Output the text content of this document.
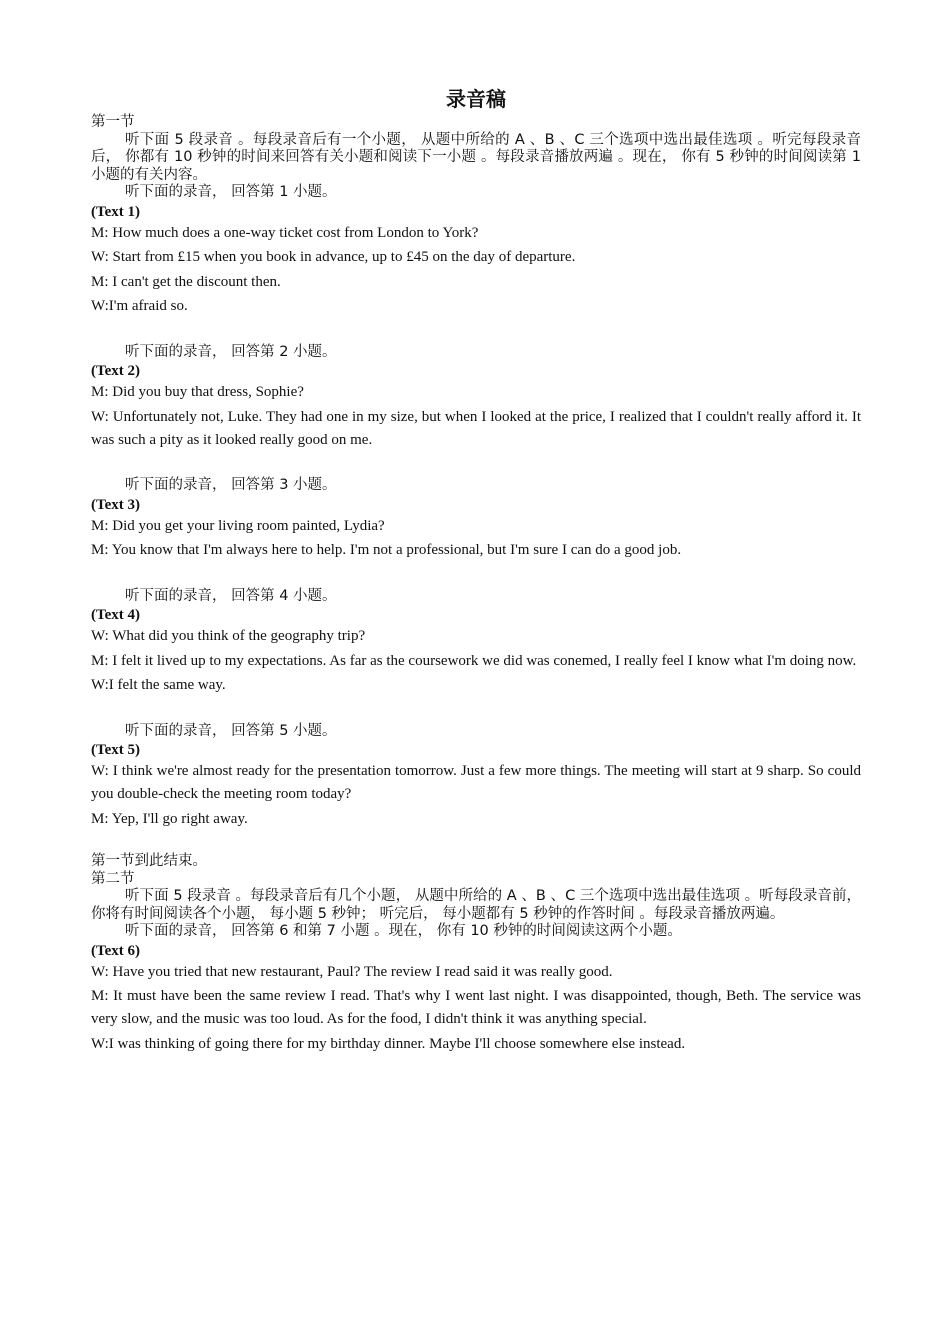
录音稿

第一节

听下面 5 段录音 。每段录音后有一个小题， 从题中所给的 A 、B 、C 三个选项中选出最佳选项 。听完每段录音后， 你都有 10 秒钟的时间来回答有关小题和阅读下一小题 。每段录音播放两遍 。现在， 你有 5 秒钟的时间阅读第 1 小题的有关内容。

听下面的录音， 回答第 1 小题。

(Text 1)

M: How much does a one-way ticket cost from London to York?

W: Start from £15 when you book in advance, up to £45 on the day of departure.

M: I can't get the discount then.

W:I'm afraid so.

听下面的录音， 回答第 2 小题。

(Text 2)

M: Did you buy that dress, Sophie?

W: Unfortunately not, Luke. They had one in my size, but when I looked at the price, I realized that I couldn't really afford it. It was such a pity as it looked really good on me.

听下面的录音， 回答第 3 小题。

(Text 3)

M: Did you get your living room painted, Lydia?

M: You know that I'm always here to help. I'm not a professional, but I'm sure I can do a good job.

听下面的录音， 回答第 4 小题。

(Text 4)

W: What did you think of the geography trip?

M: I felt it lived up to my expectations. As far as the coursework we did was conemed, I really feel I know what I'm doing now.

W:I felt the same way.

听下面的录音， 回答第 5 小题。

(Text 5)

W: I think we're almost ready for the presentation tomorrow. Just a few more things. The meeting will start at 9 sharp. So could you double-check the meeting room today?

M: Yep, I'll go right away.

第一节到此结束。

第二节

听下面 5 段录音 。每段录音后有几个小题， 从题中所给的 A 、B 、C 三个选项中选出最佳选项 。听每段录音前， 你将有时间阅读各个小题， 每小题 5 秒钟； 听完后， 每小题都有 5 秒钟的作答时间 。每段录音播放两遍。

听下面的录音， 回答第 6 和第 7 小题 。现在， 你有 10 秒钟的时间阅读这两个小题。

(Text 6)

W: Have you tried that new restaurant, Paul? The review I read said it was really good.

M: It must have been the same review I read. That's why I went last night. I was disappointed, though, Beth. The service was very slow, and the music was too loud. As for the food, I didn't think it was anything special.

W:I was thinking of going there for my birthday dinner. Maybe I'll choose somewhere else instead.
